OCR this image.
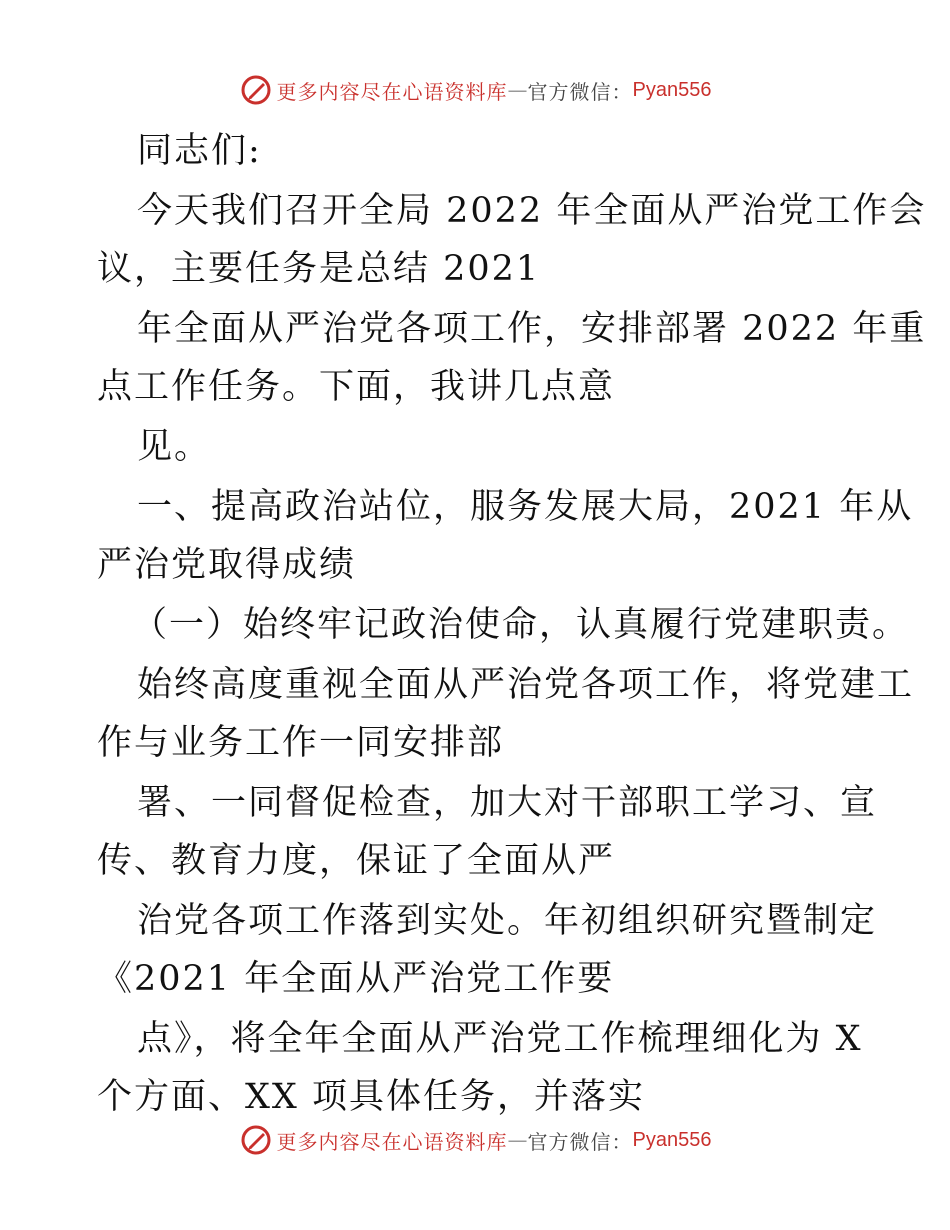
更多内容尽在心语资料库 — 官方微信： Pyan556
同志们:
今天我们召开全局 2022 年全面从严治党工作会
议，主要任务是总结 2021
年全面从严治党各项工作，安排部署 2022 年重
点工作任务。下面，我讲几点意
见。
一、提高政治站位，服务发展大局，2021 年从
严治党取得成绩
（一）始终牢记政治使命，认真履行党建职责。
始终高度重视全面从严治党各项工作，将党建工
作与业务工作一同安排部
署、一同督促检查，加大对干部职工学习、宣
传、教育力度，保证了全面从严
治党各项工作落到实处。年初组织研究暨制定
《2021 年全面从严治党工作要
点》，将全年全面从严治党工作梳理细化为 X
个方面、XX 项具体任务，并落实
更多内容尽在心语资料库 — 官方微信： Pyan556
